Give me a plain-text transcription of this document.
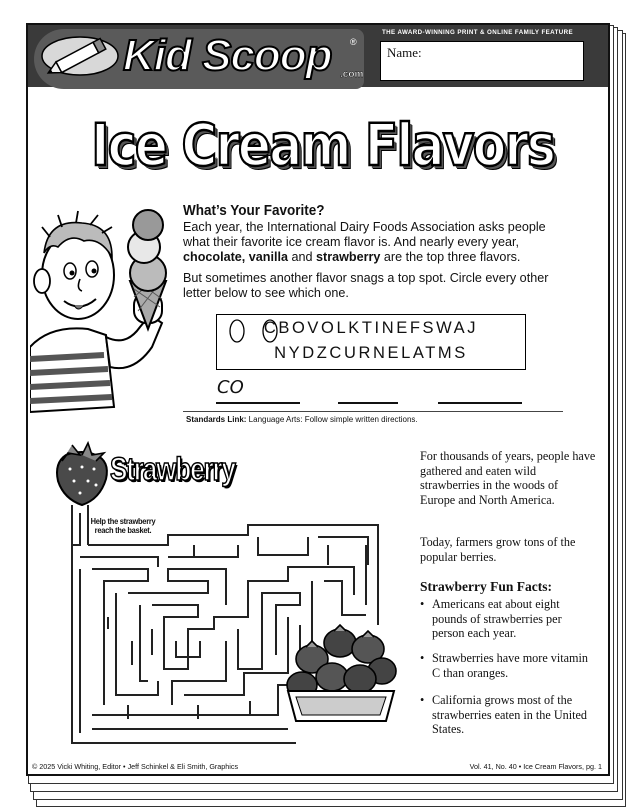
Kid Scoop ®
.com
THE AWARD-WINNING PRINT & ONLINE FAMILY FEATURE
Name:
Ice Cream Flavors
What’s Your Favorite?
Each year, the International Dairy Foods Association asks people what their favorite ice cream flavor is. And nearly every year, chocolate, vanilla and strawberry are the top three flavors.
But sometimes another flavor snags a top spot. Circle every other letter below to see which one.
CBOVOLKTINEFSWAJ
NYDZCURNELATMS
CO
Standards Link: Language Arts: Follow simple written directions.
Strawberry
Help the strawberry reach the basket.
For thousands of years, people have gathered and eaten wild strawberries in the woods of Europe and North America.
Today, farmers grow tons of the popular berries.
Strawberry Fun Facts:
• Americans eat about eight pounds of strawberries per person each year.
• Strawberries have more vitamin C than oranges.
• California grows most of the strawberries eaten in the United States.
© 2025 Vicki Whiting, Editor • Jeff Schinkel & Eli Smith, Graphics	Vol. 41, No. 40 • Ice Cream Flavors, pg. 1
